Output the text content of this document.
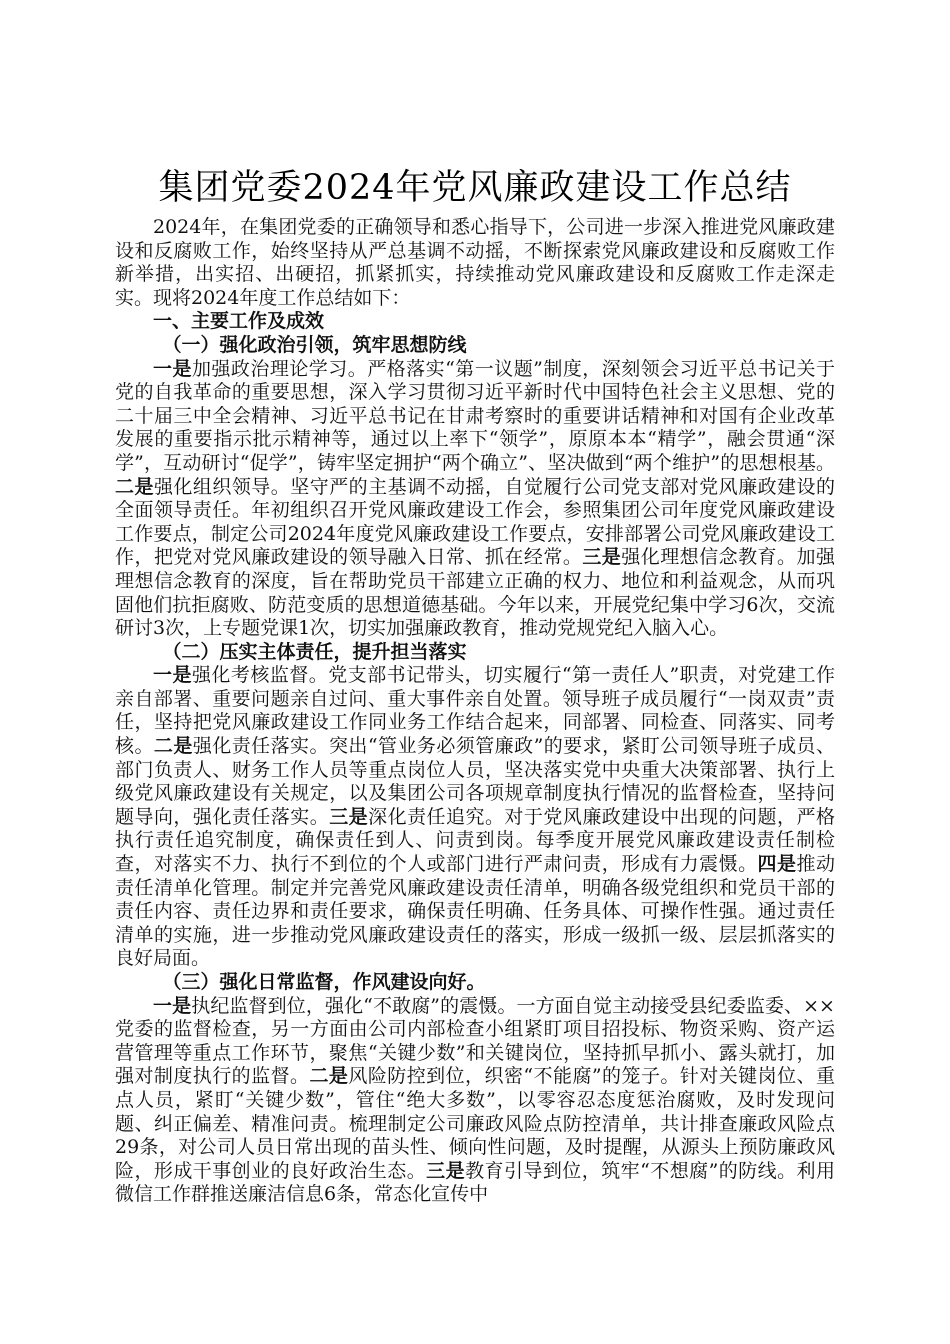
集团党委2024年党风廉政建设工作总结

2024年，在集团党委的正确领导和悉心指导下，公司进一步深入推进党风廉政建设和反腐败工作，始终坚持从严总基调不动摇，不断探索党风廉政建设和反腐败工作新举措，出实招、出硬招，抓紧抓实，持续推动党风廉政建设和反腐败工作走深走实。现将2024年度工作总结如下：

一、主要工作及成效

（一）强化政治引领，筑牢思想防线

一是加强政治理论学习。严格落实“第一议题”制度，深刻领会习近平总书记关于党的自我革命的重要思想，深入学习贯彻习近平新时代中国特色社会主义思想、党的二十届三中全会精神、习近平总书记在甘肃考察时的重要讲话精神和对国有企业改革发展的重要指示批示精神等，通过以上率下“领学”，原原本本“精学”，融会贯通“深学”，互动研讨“促学”，铸牢坚定拥护“两个确立”、坚决做到“两个维护”的思想根基。二是强化组织领导。坚守严的主基调不动摇，自觉履行公司党支部对党风廉政建设的全面领导责任。年初组织召开党风廉政建设工作会，参照集团公司年度党风廉政建设工作要点，制定公司2024年度党风廉政建设工作要点，安排部署公司党风廉政建设工作，把党对党风廉政建设的领导融入日常、抓在经常。三是强化理想信念教育。加强理想信念教育的深度，旨在帮助党员干部建立正确的权力、地位和利益观念，从而巩固他们抗拒腐败、防范变质的思想道德基础。今年以来，开展党纪集中学习6次，交流研讨3次，上专题党课1次，切实加强廉政教育，推动党规党纪入脑入心。

（二）压实主体责任，提升担当落实

一是强化考核监督。党支部书记带头，切实履行“第一责任人”职责，对党建工作亲自部署、重要问题亲自过问、重大事件亲自处置。领导班子成员履行“一岗双责”责任，坚持把党风廉政建设工作同业务工作结合起来，同部署、同检查、同落实、同考核。二是强化责任落实。突出“管业务必须管廉政”的要求，紧盯公司领导班子成员、部门负责人、财务工作人员等重点岗位人员，坚决落实党中央重大决策部署、执行上级党风廉政建设有关规定，以及集团公司各项规章制度执行情况的监督检查，坚持问题导向，强化责任落实。三是深化责任追究。对于党风廉政建设中出现的问题，严格执行责任追究制度，确保责任到人、问责到岗。每季度开展党风廉政建设责任制检查，对落实不力、执行不到位的个人或部门进行严肃问责，形成有力震慑。四是推动责任清单化管理。制定并完善党风廉政建设责任清单，明确各级党组织和党员干部的责任内容、责任边界和责任要求，确保责任明确、任务具体、可操作性强。通过责任清单的实施，进一步推动党风廉政建设责任的落实，形成一级抓一级、层层抓落实的良好局面。

（三）强化日常监督，作风建设向好。

一是执纪监督到位，强化“不敢腐”的震慑。一方面自觉主动接受县纪委监委、××党委的监督检查，另一方面由公司内部检查小组紧盯项目招投标、物资采购、资产运营管理等重点工作环节，聚焦“关键少数”和关键岗位，坚持抓早抓小、露头就打，加强对制度执行的监督。二是风险防控到位，织密“不能腐”的笼子。针对关键岗位、重点人员，紧盯“关键少数”，管住“绝大多数”，以零容忍态度惩治腐败，及时发现问题、纠正偏差、精准问责。梳理制定公司廉政风险点防控清单，共计排查廉政风险点29条，对公司人员日常出现的苗头性、倾向性问题，及时提醒，从源头上预防廉政风险，形成干事创业的良好政治生态。三是教育引导到位，筑牢“不想腐”的防线。利用微信工作群推送廉洁信息6条，常态化宣传中
